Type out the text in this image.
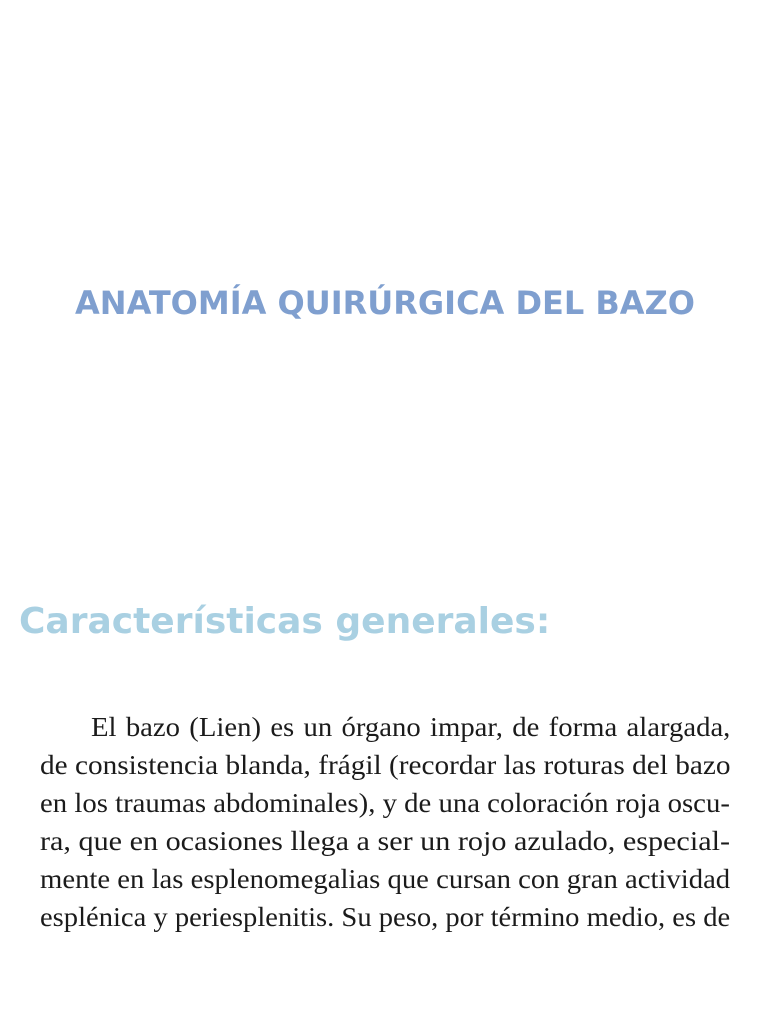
ANATOMÍA QUIRÚRGICA DEL BAZO
Características generales:
El bazo (Lien) es un órgano impar, de forma alargada,
de consistencia blanda, frágil (recordar las roturas del bazo
en los traumas abdominales), y de una coloración roja oscu-
ra, que en ocasiones llega a ser un rojo azulado, especial-
mente en las esplenomegalias que cursan con gran actividad
esplénica y periesplenitis. Su peso, por término medio, es de
